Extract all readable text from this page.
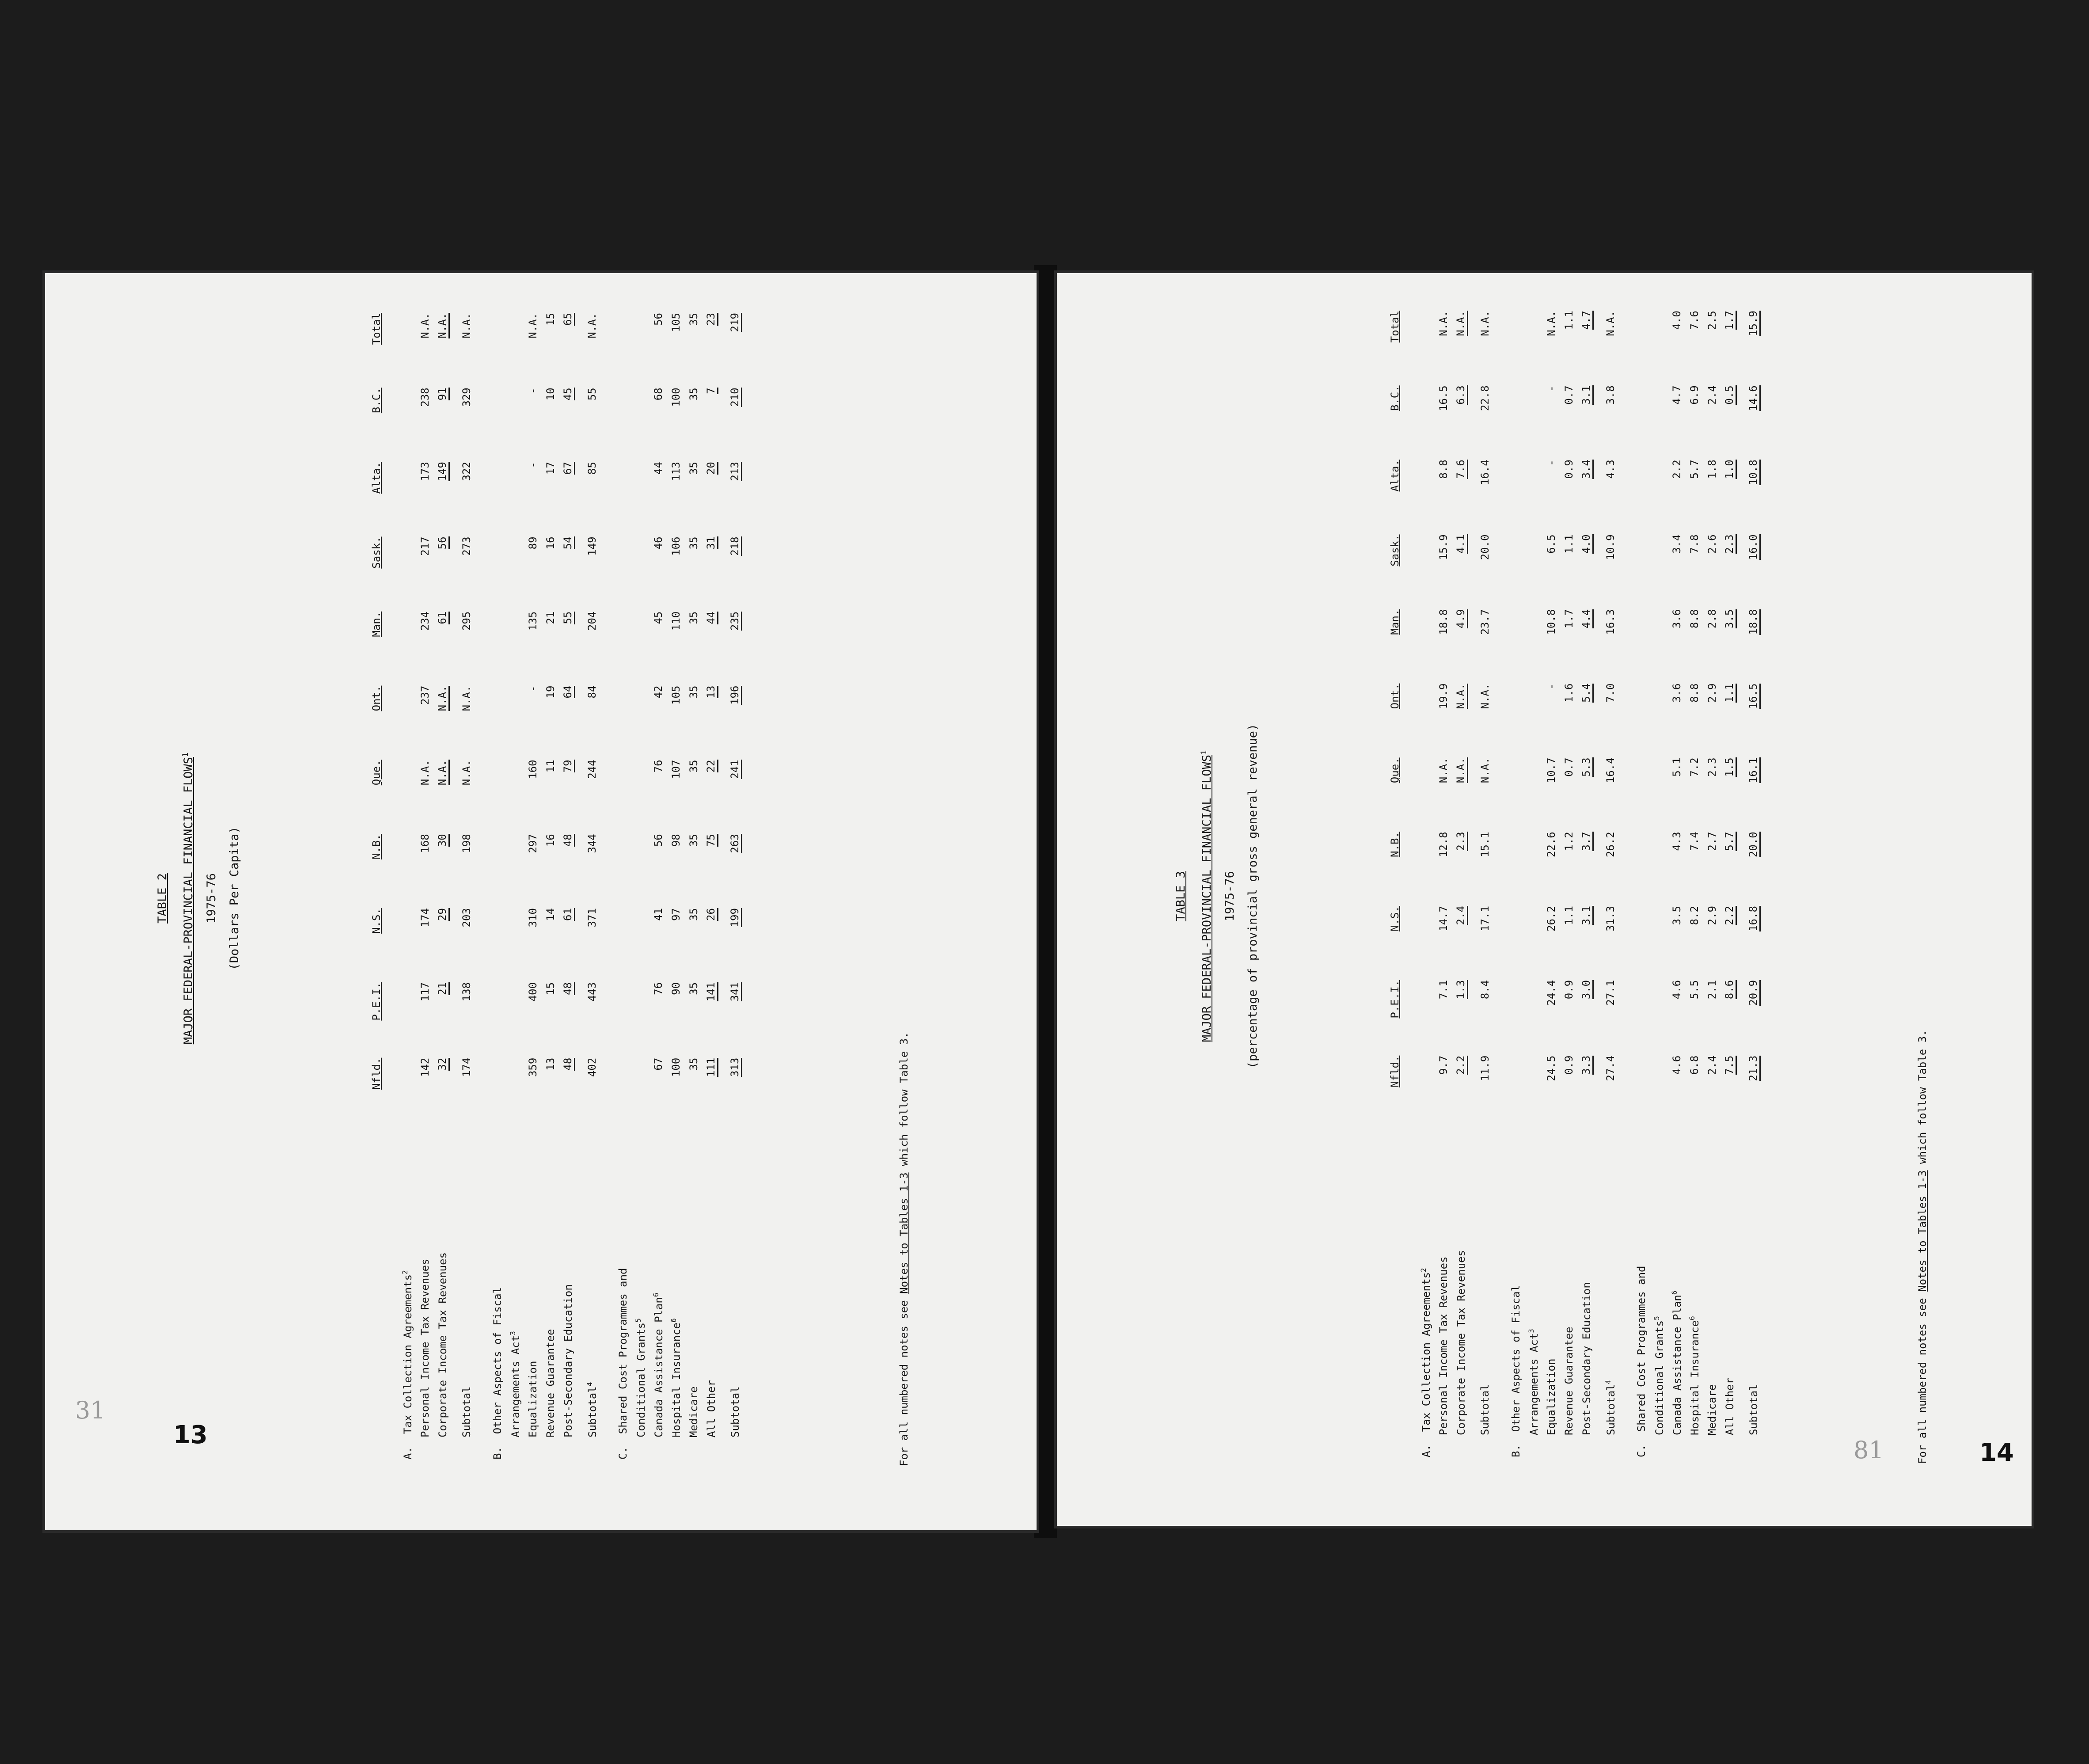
TABLE 2	MAJOR FEDERAL-PROVINCIAL FINANCIAL FLOWS$^1$
1975-76 (Dollars Per Capita)
	Nfld.	P.E.I.	N.S.	N.B.	Que.	Ont.	Man.	Sask.	Alta.	B.C.	Total
A.  Tax Collection Agreements$^2$	
Personal Income Tax Revenues	142	117	174	168	N.A.	237	234	217	173	238	N.A.
Corporate Income Tax Revenues	32	21	29	30	N.A.	N.A.	61	56	149	91	N.A.
Subtotal	174	138	203	198	N.A.	N.A.	295	273	322	329	N.A.

B.  Other Aspects of Fiscal											
Arrangements Act$^3$	
Equalization	359	400	310	297	160	-	135	89	-	-	N.A.
Revenue Guarantee	13	15	14	16	11	19	21	16	17	10	15
Post-Secondary Education	48	48	61	48	79	64	55	54	67	45	65
Subtotal$^4$	402	443	371	344	244	84	204	149	85	55	N.A.

C.  Shared Cost Programmes and											
Conditional Grants$^5$	
Canada Assistance Plan$^6$	67	76	41	56	76	42	45	46	44	68	56
Hospital Insurance$^6$	100	90	97	98	107	105	110	106	113	100	105
Medicare	35	35	35	35	35	35	35	35	35	35	35
All Other	111	141	26	75	22	13	44	31	20	7	23
Subtotal	313	341	199	263	241	196	235	218	213	210	219
For all numbered notes see Notes to Tables 1-3 which follow Table 3.
TABLE 3	MAJOR FEDERAL-PROVINCIAL FINANCIAL FLOWS$^1$
1975-76 (percentage of provincial gross general revenue)
	Nfld.	P.E.I.	N.S.	N.B.	Que.	Ont.	Man.	Sask.	Alta.	B.C.	Total
A.  Tax Collection Agreements$^2$	
Personal Income Tax Revenues	9.7	7.1	14.7	12.8	N.A.	19.9	18.8	15.9	8.8	16.5	N.A.
Corporate Income Tax Revenues	2.2	1.3	2.4	2.3	N.A.	N.A.	4.9	4.1	7.6	6.3	N.A.
Subtotal	11.9	8.4	17.1	15.1	N.A.	N.A.	23.7	20.0	16.4	22.8	N.A.

B.  Other Aspects of Fiscal											
Arrangements Act$^3$	
Equalization	24.5	24.4	26.2	22.6	10.7	-	10.8	6.5	-	-	N.A.
Revenue Guarantee	0.9	0.9	1.1	1.2	0.7	1.6	1.7	1.1	0.9	0.7	1.1
Post-Secondary Education	3.3	3.0	3.1	3.7	5.3	5.4	4.4	4.0	3.4	3.1	4.7
Subtotal$^4$	27.4	27.1	31.3	26.2	16.4	7.0	16.3	10.9	4.3	3.8	N.A.

C.  Shared Cost Programmes and											
Conditional Grants$^5$	
Canada Assistance Plan$^6$	4.6	4.6	3.5	4.3	5.1	3.6	3.6	3.4	2.2	4.7	4.0
Hospital Insurance$^6$	6.8	5.5	8.2	7.4	7.2	8.8	8.8	7.8	5.7	6.9	7.6
Medicare	2.4	2.1	2.9	2.7	2.3	2.9	2.8	2.6	1.8	2.4	2.5
All Other	7.5	8.6	2.2	5.7	1.5	1.1	3.5	2.3	1.0	0.5	1.7
Subtotal	21.3	20.9	16.8	20.0	16.1	16.5	18.8	16.0	10.8	14.6	15.9
For all numbered notes see Notes to Tables 1-3 which follow Table 3.
31
81
13
14
